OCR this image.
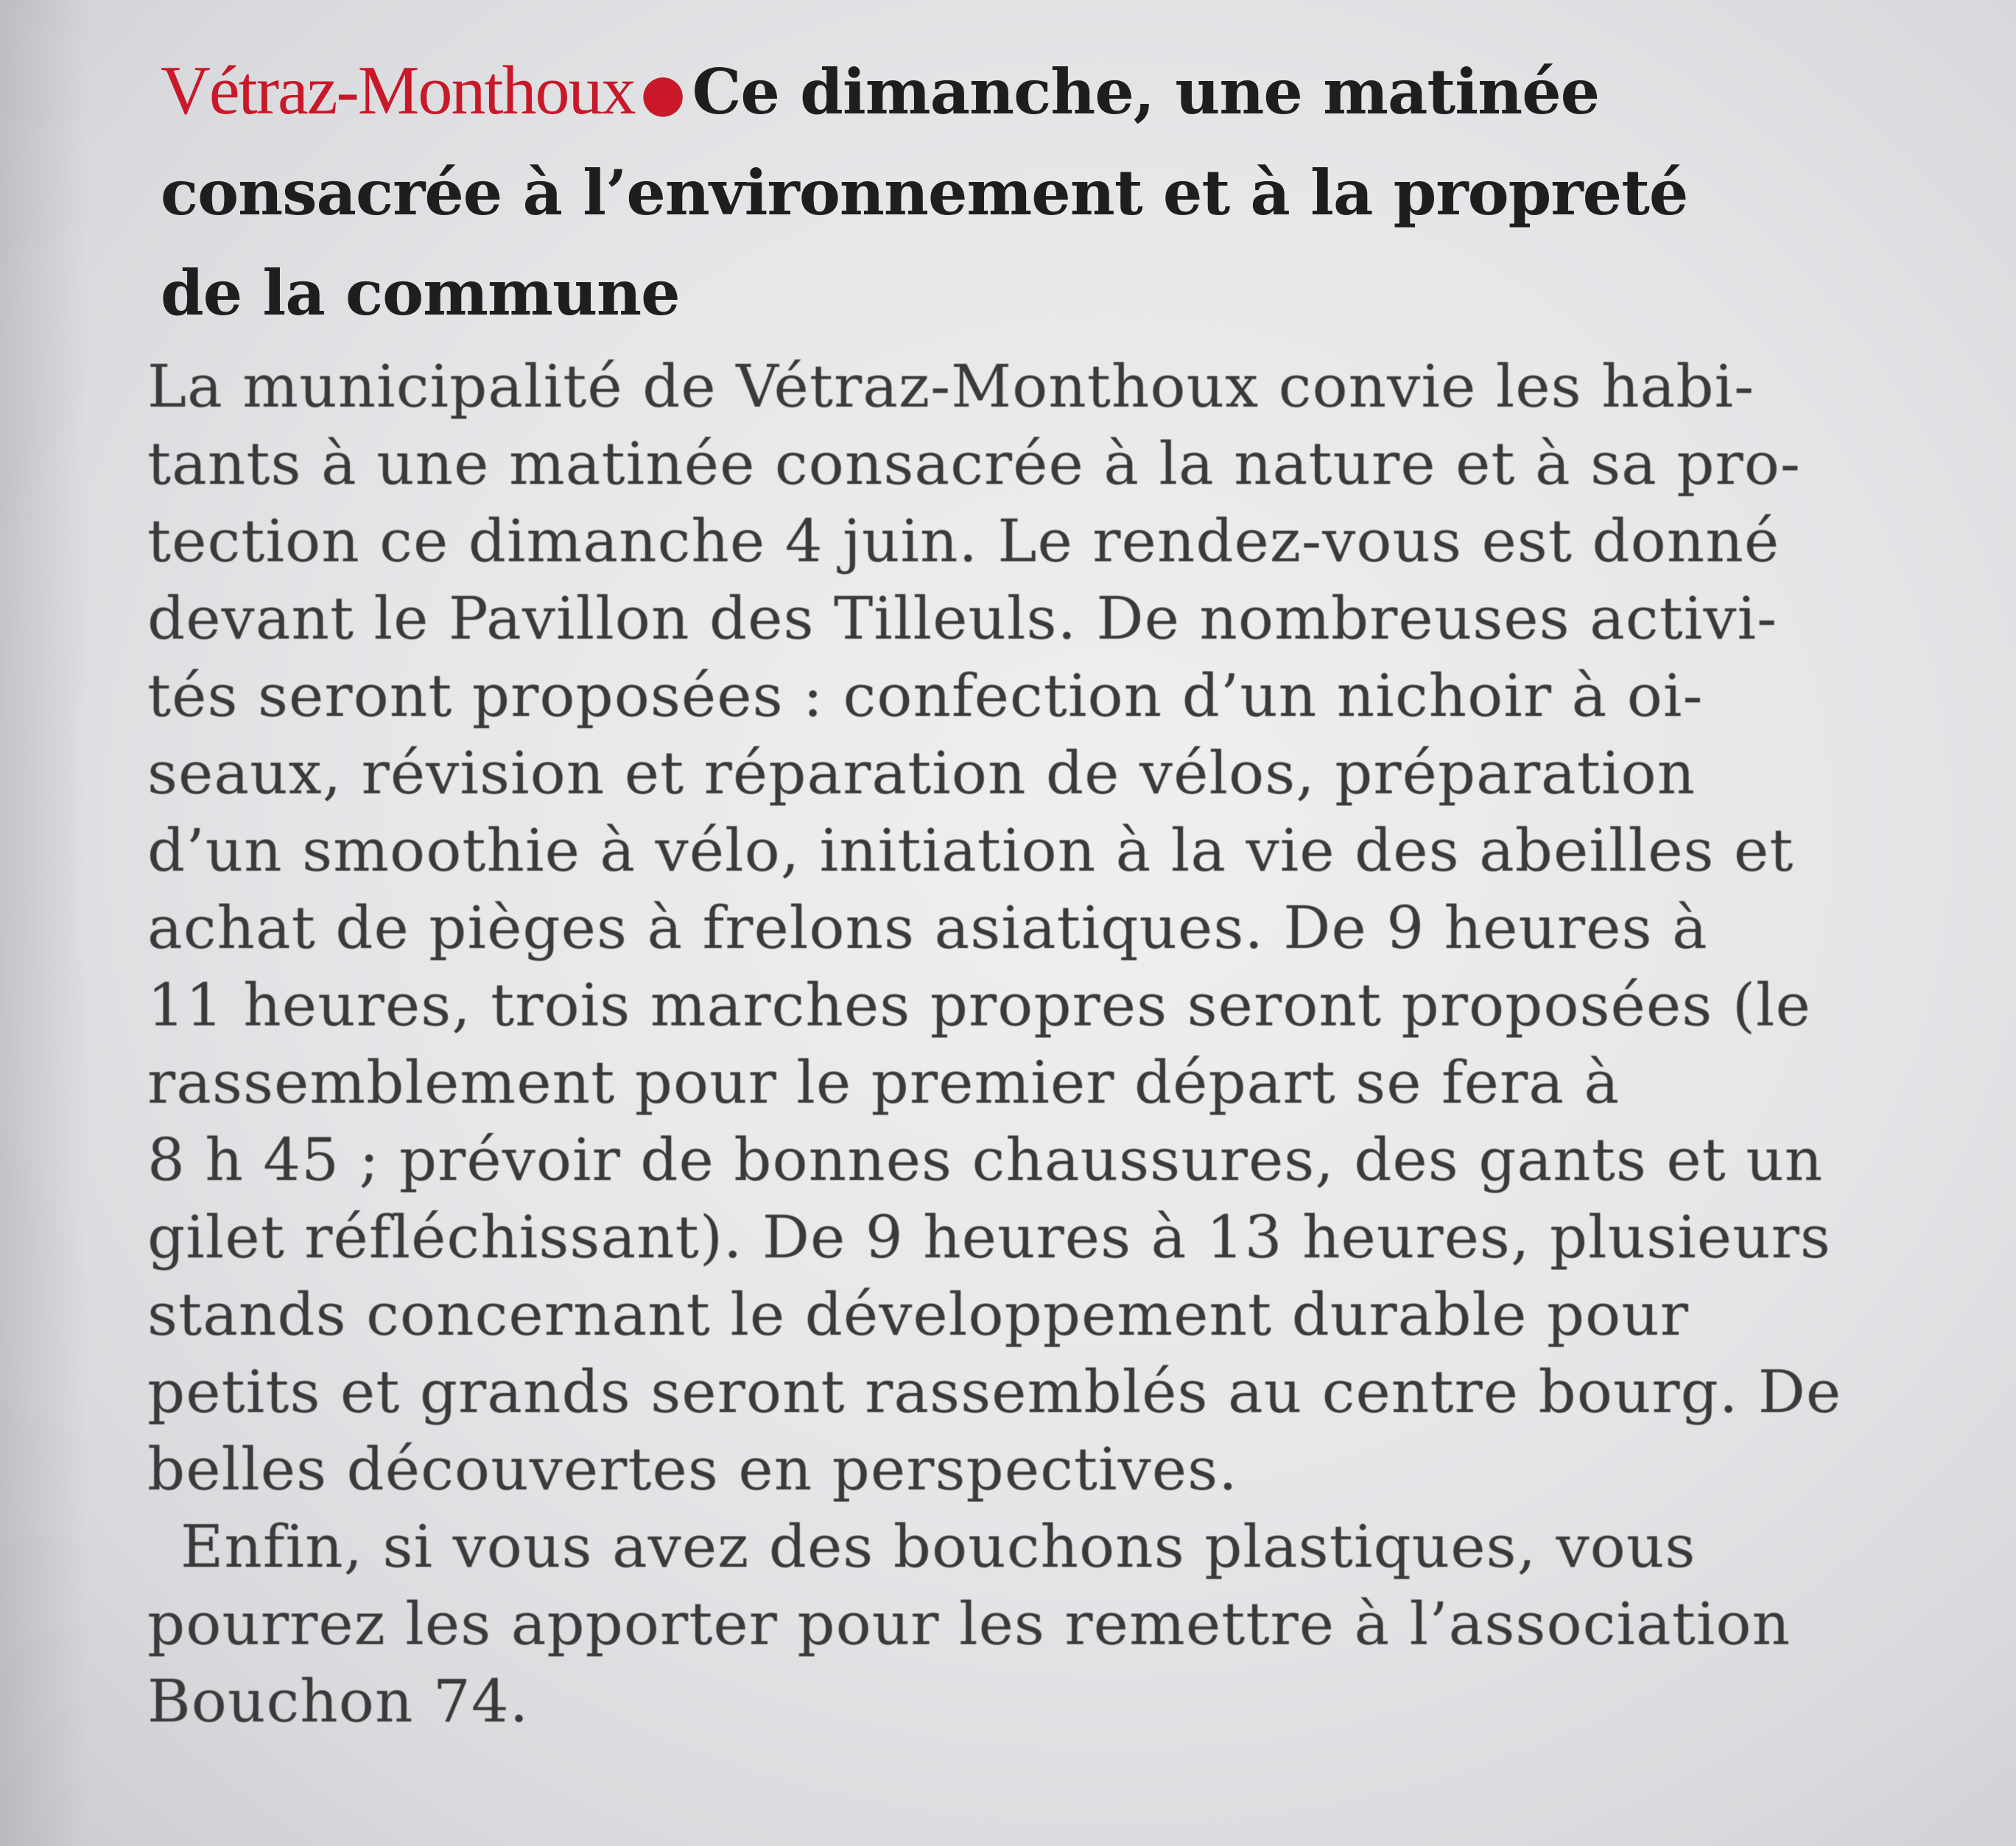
Vétraz-Monthoux ● Ce dimanche, une matinée
consacrée à l’environnement et à la propreté
de la commune
La municipalité de Vétraz-Monthoux convie les habi-
tants à une matinée consacrée à la nature et à sa pro-
tection ce dimanche 4 juin. Le rendez-vous est donné
devant le Pavillon des Tilleuls. De nombreuses activi-
tés seront proposées : confection d’un nichoir à oi-
seaux, révision et réparation de vélos, préparation
d’un smoothie à vélo, initiation à la vie des abeilles et
achat de pièges à frelons asiatiques. De 9 heures à
11 heures, trois marches propres seront proposées (le
rassemblement pour le premier départ se fera à
8 h 45 ; prévoir de bonnes chaussures, des gants et un
gilet réfléchissant). De 9 heures à 13 heures, plusieurs
stands concernant le développement durable pour
petits et grands seront rassemblés au centre bourg. De
belles découvertes en perspectives.
Enfin, si vous avez des bouchons plastiques, vous
pourrez les apporter pour les remettre à l’association
Bouchon 74.
